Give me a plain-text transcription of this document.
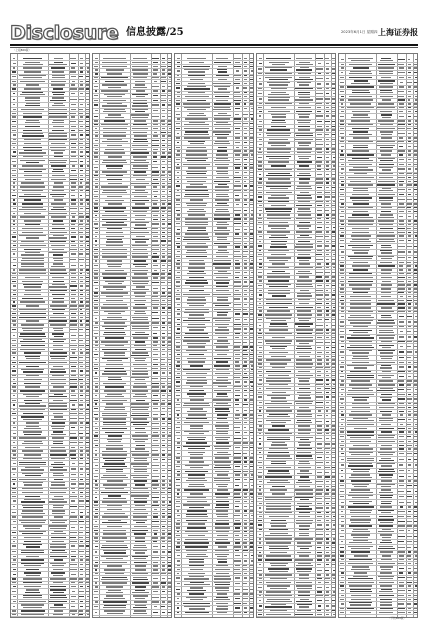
Disclosure 信息披露/25	2023年6月1日 星期四 上海证券报
（上接B26版）
（下转B28版）
